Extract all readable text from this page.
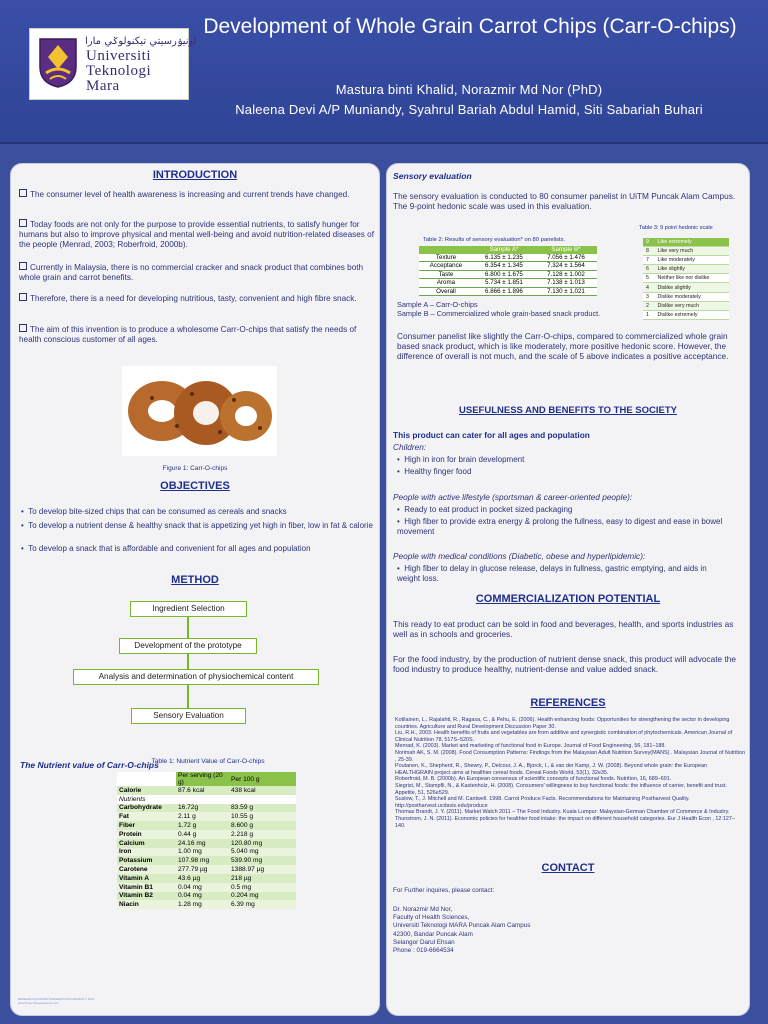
اونيۏرسيتي تيكنولوݢي مارا
Universiti
Teknologi
Mara
Development of Whole Grain Carrot Chips (Carr-O-chips)
Mastura binti Khalid, Norazmir Md Nor (PhD)
Naleena Devi A/P Muniandy, Syahrul Bariah Abdul Hamid, Siti Sabariah Buhari
INTRODUCTION
The consumer level of health awareness is increasing and current trends have changed.
Today foods are not only for the purpose to provide essential nutrients, to satisfy hunger for humans but also to improve physical and mental well-being and avoid nutrition-related diseases of the people (Menrad, 2003; Roberfroid, 2000b).
Currently in Malaysia, there is no commercial cracker and snack product that combines both whole grain and carrot benefits.
Therefore, there is a need for developing nutritious, tasty, convenient and high fibre snack.
The aim of this invention is to produce a wholesome Carr-O-chips that satisfy the needs of health conscious customer of all ages.
Figure 1: Carr-O-chips
OBJECTIVES
•  To develop bite-sized chips that can be consumed as cereals and snacks
•  To develop a nutrient dense & healthy snack that is appetizing yet high in fiber, low in fat & calorie
•  To develop a snack that is affordable and convenient for all ages and population
METHOD
Ingredient Selection
Development of the prototype
Analysis and determination of physiochemical content
Sensory Evaluation
The Nutrient value of Carr-O-chips
Table 1: Nutrient Value of Carr-O-chips
	Per serving (20 g)	Per 100 g
Calorie	87.6 kcal	438 kcal
Nutrients		
Carbohydrate	16.72g	83.59 g
Fat	2.11 g	10.55 g
Fiber	1.72 g	8.600 g
Protein	0.44 g	2.218 g
Calcium	24.16 mg	120.80 mg
Iron	1.00 mg	5.040 mg
Potassium	107.98 mg	539.90 mg
Carotene	277.79 µg	1388.97 µg
Vitamin A	43.6 µg	218 µg
Vitamin B1	0.04 mg	0.5 mg
Vitamin B2	0.04 mg	0.204 mg
Niacin	1.28 mg	6.39 mg
RESEARCH POSTER PRESENTATION DESIGN © 2011
www.PosterPresentations.com
Sensory evaluation
The sensory evaluation is conducted to 80 consumer panelist in UiTM Puncak Alam Campus. The 9-point hedonic scale was used in this evaluation.
Table 2: Results of sensory evaluation* on 80 panelists.
	Sample A*	Sample B*
Texture	6.135 ± 1.235	7.056 ± 1.476
Acceptance	6.354 ± 1.345	7.324 ± 1.564
Taste	6.800 ± 1.675	7.128 ± 1.002
Aroma	5.734 ± 1.851	7.138 ± 1.013
Overall	6.866 ± 1.896	7.130 ± 1.021
Sample A – Carr-O-chips
Sample B – Commercialized whole grain-based snack product.
Table 3: 9 point hedonic scale
9	Like extremely
8	Like very much
7	Like moderately
6	Like slightly
5	Neither like nor dislike
4	Dislike slightly
3	Dislike moderately
2	Dislike very much
1	Dislike extremely
Consumer panelist like slightly the Carr-O-chips, compared to commercialized whole grain based snack product, which is like moderately, more positive hedonic score. However, the difference of overall is not much, and the scale of 5 above indicates a positive acceptance.
USEFULNESS AND BENEFITS TO THE SOCIETY
This product can cater for all ages and population
Children:
•  High in iron for brain development
•  Healthy finger food
People with active lifestyle (sportsman & career-oriented people):
•  Ready to eat product in pocket sized packaging
•  High fiber to provide extra energy & prolong the fullness, easy to digest and ease in bowel movement
People with medical conditions (Diabetic, obese and hyperlipidemic):
•  High fiber to delay in glucose release, delays in fullness, gastric emptying, and aids in weight loss.
COMMERCIALIZATION POTENTIAL
This ready to eat product can be sold in food and beverages, health, and sports industries as well as in schools and groceries.
For the food industry, by the production of nutrient dense snack, this product will advocate the food industry to produce healthy, nutrient-dense and value added snack.
REFERENCES
Kotilainen, L., Rajalahti, R., Ragasa, C., & Pehu, E. (2006). Health enhancing foods: Opportunities for strengthening the sector in developing countries. Agriculture and Rural Development Discussion Paper 30.
Liu, R.H., 2003. Health benefits of fruits and vegetables are from additive and synergistic combination of phytochemicals. American Journal of Clinical Nutrition 78, 517S–520S.
Menrad, K. (2003). Market and marketing of functional food in Europe. Journal of Food Engineering, 56, 181–188.
Norimah AK, S. M. (2008). Food Consumption Patterns: Findings from the Malaysian Adult Nutrition Survey(MANS) . Malaysian Journal of Nutrition , 25-39.
Poutanen, K., Shepherd, R., Shewry, P., Delcour, J. A., Bjorck, I., & van der Kamp, J. W. (2008). Beyond whole grain: the European HEALTHGRAIN project aims at healthier cereal foods. Cereal Foods World, 53(1), 32e35.
Roberfroid, M. B. (2000b). An European consensus of scientific concepts of functional foods. Nutrition, 16, 689–691.
Siegrist, M., Stampfli, N., & Kastenholz, H. (2008). Consumers' willingness to buy functional foods: the influence of carrier, benefit and trust. Appetite, 51, 526e529.
Suslow, T., J. Mitchell and M. Cantwell. 1998. Carrot Produce Facts. Recommendations for Maintaining Postharvest Quality. http://postharvest.ucdavis.edu/produce
Thomas Brandt, J. Y. (2011). Market Watch 2011 – The Food Industry. Kuala Lumpur: Malaysian-German Chamber of Commerce & Industry.
Thunstrom, J. N. (2011). Economic policies for healthier food intake: the impact on different household categories. Eur J Health Econ , 12:127–140.
CONTACT
For Further inquires, please contact:
Dr. Norazmir Md Nor,
Faculty of Health Sciences,
Universiti Teknologi MARA Puncak Alam Campus
42300, Bandar Puncak Alam
Selangor Darul Ehsan
Phone : 019-6664534
